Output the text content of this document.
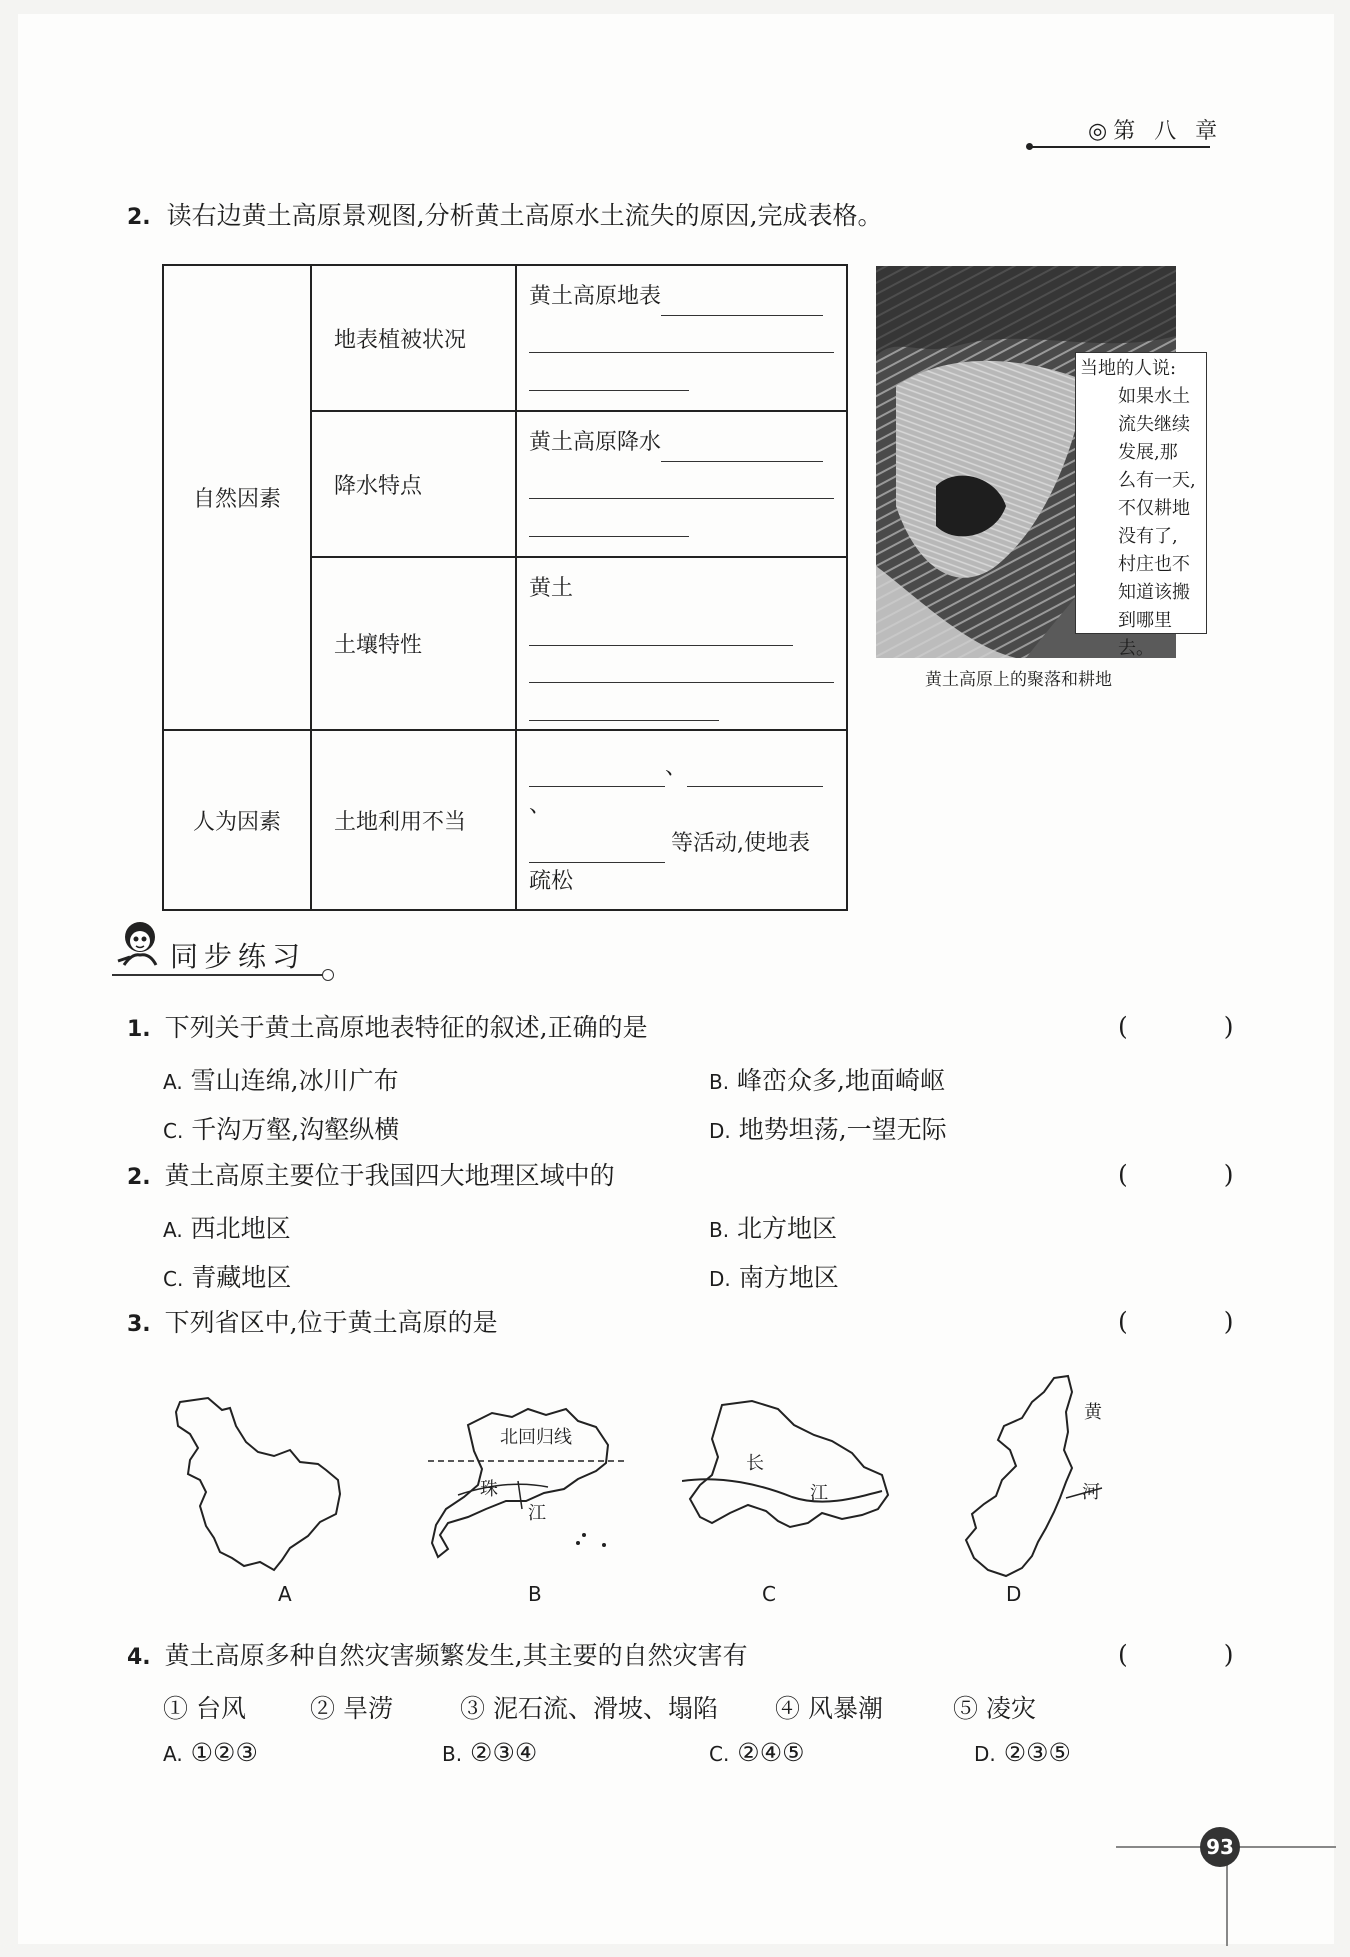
◎第 八 章
2. 读右边黄土高原景观图,分析黄土高原水土流失的原因,完成表格。
自然因素	地表植被状况	黄土高原地表

	降水特点	黄土高原降水

	土壤特性	黄土

人为因素	土地利用不当	、、
等活动,使地表
疏松
当地的人说:
如果水土
流失继续
发展,那
么有一天,
不仅耕地
没有了,
村庄也不
知道该搬
到哪里去。
黄土高原上的聚落和耕地
同步练习
1. 下列关于黄土高原地表特征的叙述,正确的是	( )
A. 雪山连绵,冰川广布	B. 峰峦众多,地面崎岖
C. 千沟万壑,沟壑纵横	D. 地势坦荡,一望无际
2. 黄土高原主要位于我国四大地理区域中的	( )
A. 西北地区	B. 北方地区
C. 青藏地区	D. 南方地区
3. 下列省区中,位于黄土高原的是	( )
A
北回归线
珠
江
B
长
江
C
黄
河
D
4. 黄土高原多种自然灾害频繁发生,其主要的自然灾害有	( )
① 台风	② 旱涝	③ 泥石流、滑坡、塌陷 ④ 风暴潮	⑤ 凌灾
A. ①②③	B. ②③④	C. ②④⑤	D. ②③⑤
93
